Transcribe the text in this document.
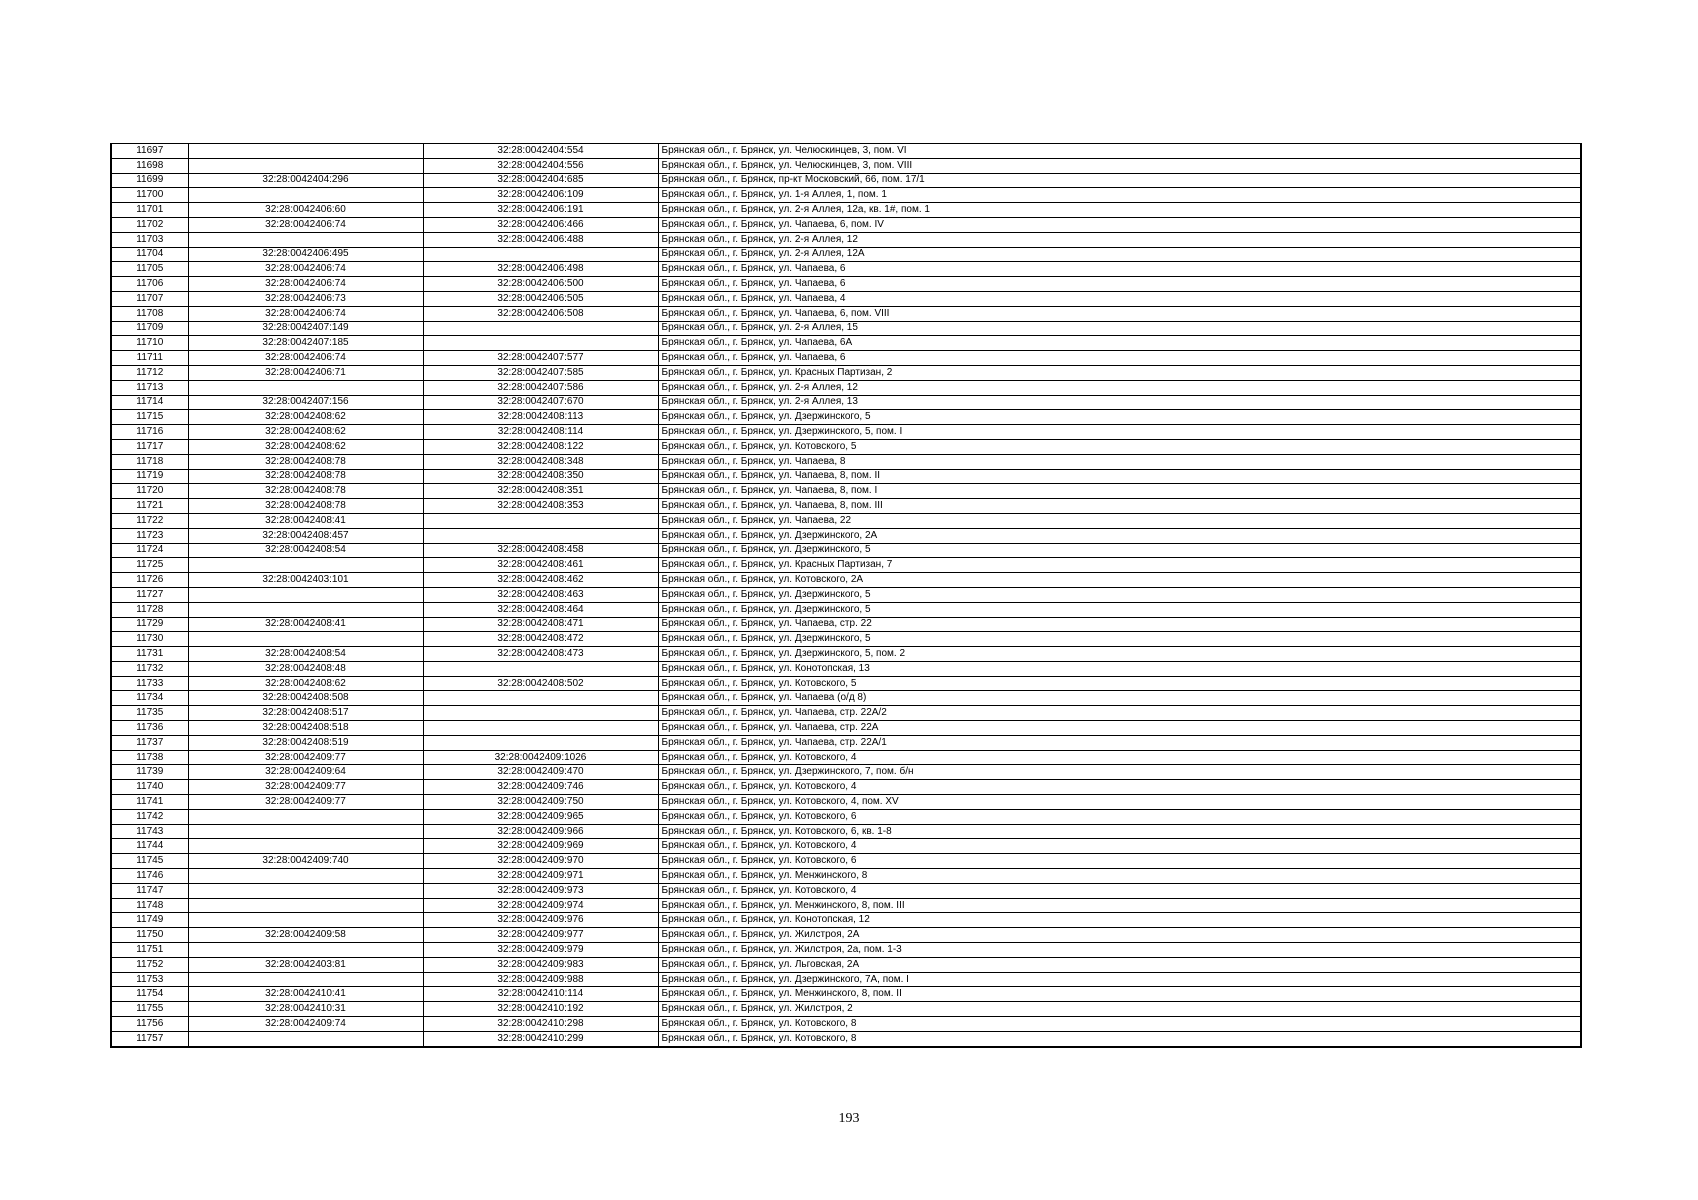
11697		32:28:0042404:554	Брянская обл., г. Брянск, ул. Челюскинцев, 3, пом. VI
11698		32:28:0042404:556	Брянская обл., г. Брянск, ул. Челюскинцев, 3, пом. VIII
11699	32:28:0042404:296	32:28:0042404:685	Брянская обл., г. Брянск, пр-кт Московский, 66, пом. 17/1
11700		32:28:0042406:109	Брянская обл., г. Брянск, ул. 1-я Аллея, 1, пом. 1
11701	32:28:0042406:60	32:28:0042406:191	Брянская обл., г. Брянск, ул. 2-я Аллея, 12а, кв. 1#, пом. 1
11702	32:28:0042406:74	32:28:0042406:466	Брянская обл., г. Брянск, ул. Чапаева, 6, пом. IV
11703		32:28:0042406:488	Брянская обл., г. Брянск, ул. 2-я Аллея, 12
11704	32:28:0042406:495		Брянская обл., г. Брянск, ул. 2-я Аллея, 12А
11705	32:28:0042406:74	32:28:0042406:498	Брянская обл., г. Брянск, ул. Чапаева, 6
11706	32:28:0042406:74	32:28:0042406:500	Брянская обл., г. Брянск, ул. Чапаева, 6
11707	32:28:0042406:73	32:28:0042406:505	Брянская обл., г. Брянск, ул. Чапаева, 4
11708	32:28:0042406:74	32:28:0042406:508	Брянская обл., г. Брянск, ул. Чапаева, 6, пом. VIII
11709	32:28:0042407:149		Брянская обл., г. Брянск, ул. 2-я Аллея, 15
11710	32:28:0042407:185		Брянская обл., г. Брянск, ул. Чапаева, 6А
11711	32:28:0042406:74	32:28:0042407:577	Брянская обл., г. Брянск, ул. Чапаева, 6
11712	32:28:0042406:71	32:28:0042407:585	Брянская обл., г. Брянск, ул. Красных Партизан, 2
11713		32:28:0042407:586	Брянская обл., г. Брянск, ул. 2-я Аллея, 12
11714	32:28:0042407:156	32:28:0042407:670	Брянская обл., г. Брянск, ул. 2-я Аллея, 13
11715	32:28:0042408:62	32:28:0042408:113	Брянская обл., г. Брянск, ул. Дзержинского, 5
11716	32:28:0042408:62	32:28:0042408:114	Брянская обл., г. Брянск, ул. Дзержинского, 5, пом. I
11717	32:28:0042408:62	32:28:0042408:122	Брянская обл., г. Брянск, ул. Котовского, 5
11718	32:28:0042408:78	32:28:0042408:348	Брянская обл., г. Брянск, ул. Чапаева, 8
11719	32:28:0042408:78	32:28:0042408:350	Брянская обл., г. Брянск, ул. Чапаева, 8, пом. II
11720	32:28:0042408:78	32:28:0042408:351	Брянская обл., г. Брянск, ул. Чапаева, 8, пом. I
11721	32:28:0042408:78	32:28:0042408:353	Брянская обл., г. Брянск, ул. Чапаева, 8, пом. III
11722	32:28:0042408:41		Брянская обл., г. Брянск, ул. Чапаева, 22
11723	32:28:0042408:457		Брянская обл., г. Брянск, ул. Дзержинского, 2А
11724	32:28:0042408:54	32:28:0042408:458	Брянская обл., г. Брянск, ул. Дзержинского, 5
11725		32:28:0042408:461	Брянская обл., г. Брянск, ул. Красных Партизан, 7
11726	32:28:0042403:101	32:28:0042408:462	Брянская обл., г. Брянск, ул. Котовского, 2А
11727		32:28:0042408:463	Брянская обл., г. Брянск, ул. Дзержинского, 5
11728		32:28:0042408:464	Брянская обл., г. Брянск, ул. Дзержинского, 5
11729	32:28:0042408:41	32:28:0042408:471	Брянская обл., г. Брянск, ул. Чапаева, стр. 22
11730		32:28:0042408:472	Брянская обл., г. Брянск, ул. Дзержинского, 5
11731	32:28:0042408:54	32:28:0042408:473	Брянская обл., г. Брянск, ул. Дзержинского, 5, пом. 2
11732	32:28:0042408:48		Брянская обл., г. Брянск, ул. Конотопская, 13
11733	32:28:0042408:62	32:28:0042408:502	Брянская обл., г. Брянск, ул. Котовского, 5
11734	32:28:0042408:508		Брянская обл., г. Брянск, ул. Чапаева (о/д 8)
11735	32:28:0042408:517		Брянская обл., г. Брянск, ул. Чапаева, стр. 22А/2
11736	32:28:0042408:518		Брянская обл., г. Брянск, ул. Чапаева, стр. 22А
11737	32:28:0042408:519		Брянская обл., г. Брянск, ул. Чапаева, стр. 22А/1
11738	32:28:0042409:77	32:28:0042409:1026	Брянская обл., г. Брянск, ул. Котовского, 4
11739	32:28:0042409:64	32:28:0042409:470	Брянская обл., г. Брянск, ул. Дзержинского, 7, пом. б/н
11740	32:28:0042409:77	32:28:0042409:746	Брянская обл., г. Брянск, ул. Котовского, 4
11741	32:28:0042409:77	32:28:0042409:750	Брянская обл., г. Брянск, ул. Котовского, 4, пом. XV
11742		32:28:0042409:965	Брянская обл., г. Брянск, ул. Котовского, 6
11743		32:28:0042409:966	Брянская обл., г. Брянск, ул. Котовского, 6, кв. 1-8
11744		32:28:0042409:969	Брянская обл., г. Брянск, ул. Котовского, 4
11745	32:28:0042409:740	32:28:0042409:970	Брянская обл., г. Брянск, ул. Котовского, 6
11746		32:28:0042409:971	Брянская обл., г. Брянск, ул. Менжинского, 8
11747		32:28:0042409:973	Брянская обл., г. Брянск, ул. Котовского, 4
11748		32:28:0042409:974	Брянская обл., г. Брянск, ул. Менжинского, 8, пом. III
11749		32:28:0042409:976	Брянская обл., г. Брянск, ул. Конотопская, 12
11750	32:28:0042409:58	32:28:0042409:977	Брянская обл., г. Брянск, ул. Жилстроя, 2А
11751		32:28:0042409:979	Брянская обл., г. Брянск, ул. Жилстроя, 2а, пом. 1-3
11752	32:28:0042403:81	32:28:0042409:983	Брянская обл., г. Брянск, ул. Льговская, 2А
11753		32:28:0042409:988	Брянская обл., г. Брянск, ул. Дзержинского, 7А, пом. I
11754	32:28:0042410:41	32:28:0042410:114	Брянская обл., г. Брянск, ул. Менжинского, 8, пом. II
11755	32:28:0042410:31	32:28:0042410:192	Брянская обл., г. Брянск, ул. Жилстроя, 2
11756	32:28:0042409:74	32:28:0042410:298	Брянская обл., г. Брянск, ул. Котовского, 8
11757		32:28:0042410:299	Брянская обл., г. Брянск, ул. Котовского, 8
193
